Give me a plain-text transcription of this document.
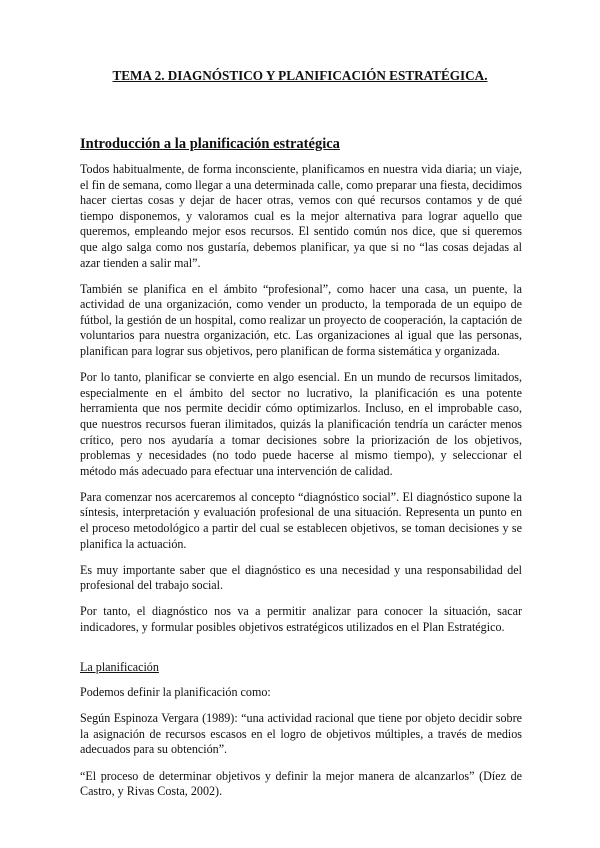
TEMA 2. DIAGNÓSTICO Y PLANIFICACIÓN ESTRATÉGICA.
Introducción a la planificación estratégica

Todos habitualmente, de forma inconsciente, planificamos en nuestra vida diaria; un viaje, el fin de semana, como llegar a una determinada calle, como preparar una fiesta, decidimos hacer ciertas cosas y dejar de hacer otras, vemos con qué recursos contamos y de qué tiempo disponemos, y valoramos cual es la mejor alternativa para lograr aquello que queremos, empleando mejor esos recursos. El sentido común nos dice, que si queremos que algo salga como nos gustaría, debemos planificar, ya que si no “las cosas dejadas al azar tienden a salir mal”.

También se planifica en el ámbito “profesional”, como hacer una casa, un puente, la actividad de una organización, como vender un producto, la temporada de un equipo de fútbol, la gestión de un hospital, como realizar un proyecto de cooperación, la captación de voluntarios para nuestra organización, etc. Las organizaciones al igual que las personas, planifican para lograr sus objetivos, pero planifican de forma sistemática y organizada.

Por lo tanto, planificar se convierte en algo esencial. En un mundo de recursos limitados, especialmente en el ámbito del sector no lucrativo, la planificación es una potente herramienta que nos permite decidir cómo optimizarlos. Incluso, en el improbable caso, que nuestros recursos fueran ilimitados, quizás la planificación tendría un carácter menos crítico, pero nos ayudaría a tomar decisiones sobre la priorización de los objetivos, problemas y necesidades (no todo puede hacerse al mismo tiempo), y seleccionar el método más adecuado para efectuar una intervención de calidad.

Para comenzar nos acercaremos al concepto “diagnóstico social”. El diagnóstico supone la síntesis, interpretación y evaluación profesional de una situación. Representa un punto en el proceso metodológico a partir del cual se establecen objetivos, se toman decisiones y se planifica la actuación.

Es muy importante saber que el diagnóstico es una necesidad y una responsabilidad del profesional del trabajo social.

Por tanto, el diagnóstico nos va a permitir analizar para conocer la situación, sacar indicadores, y formular posibles objetivos estratégicos utilizados en el Plan Estratégico.

La planificación

Podemos definir la planificación como:

Según Espinoza Vergara (1989): “una actividad racional que tiene por objeto decidir sobre la asignación de recursos escasos en el logro de objetivos múltiples, a través de medios adecuados para su obtención”.

“El proceso de determinar objetivos y definir la mejor manera de alcanzarlos” (Díez de Castro, y Rivas Costa, 2002).
